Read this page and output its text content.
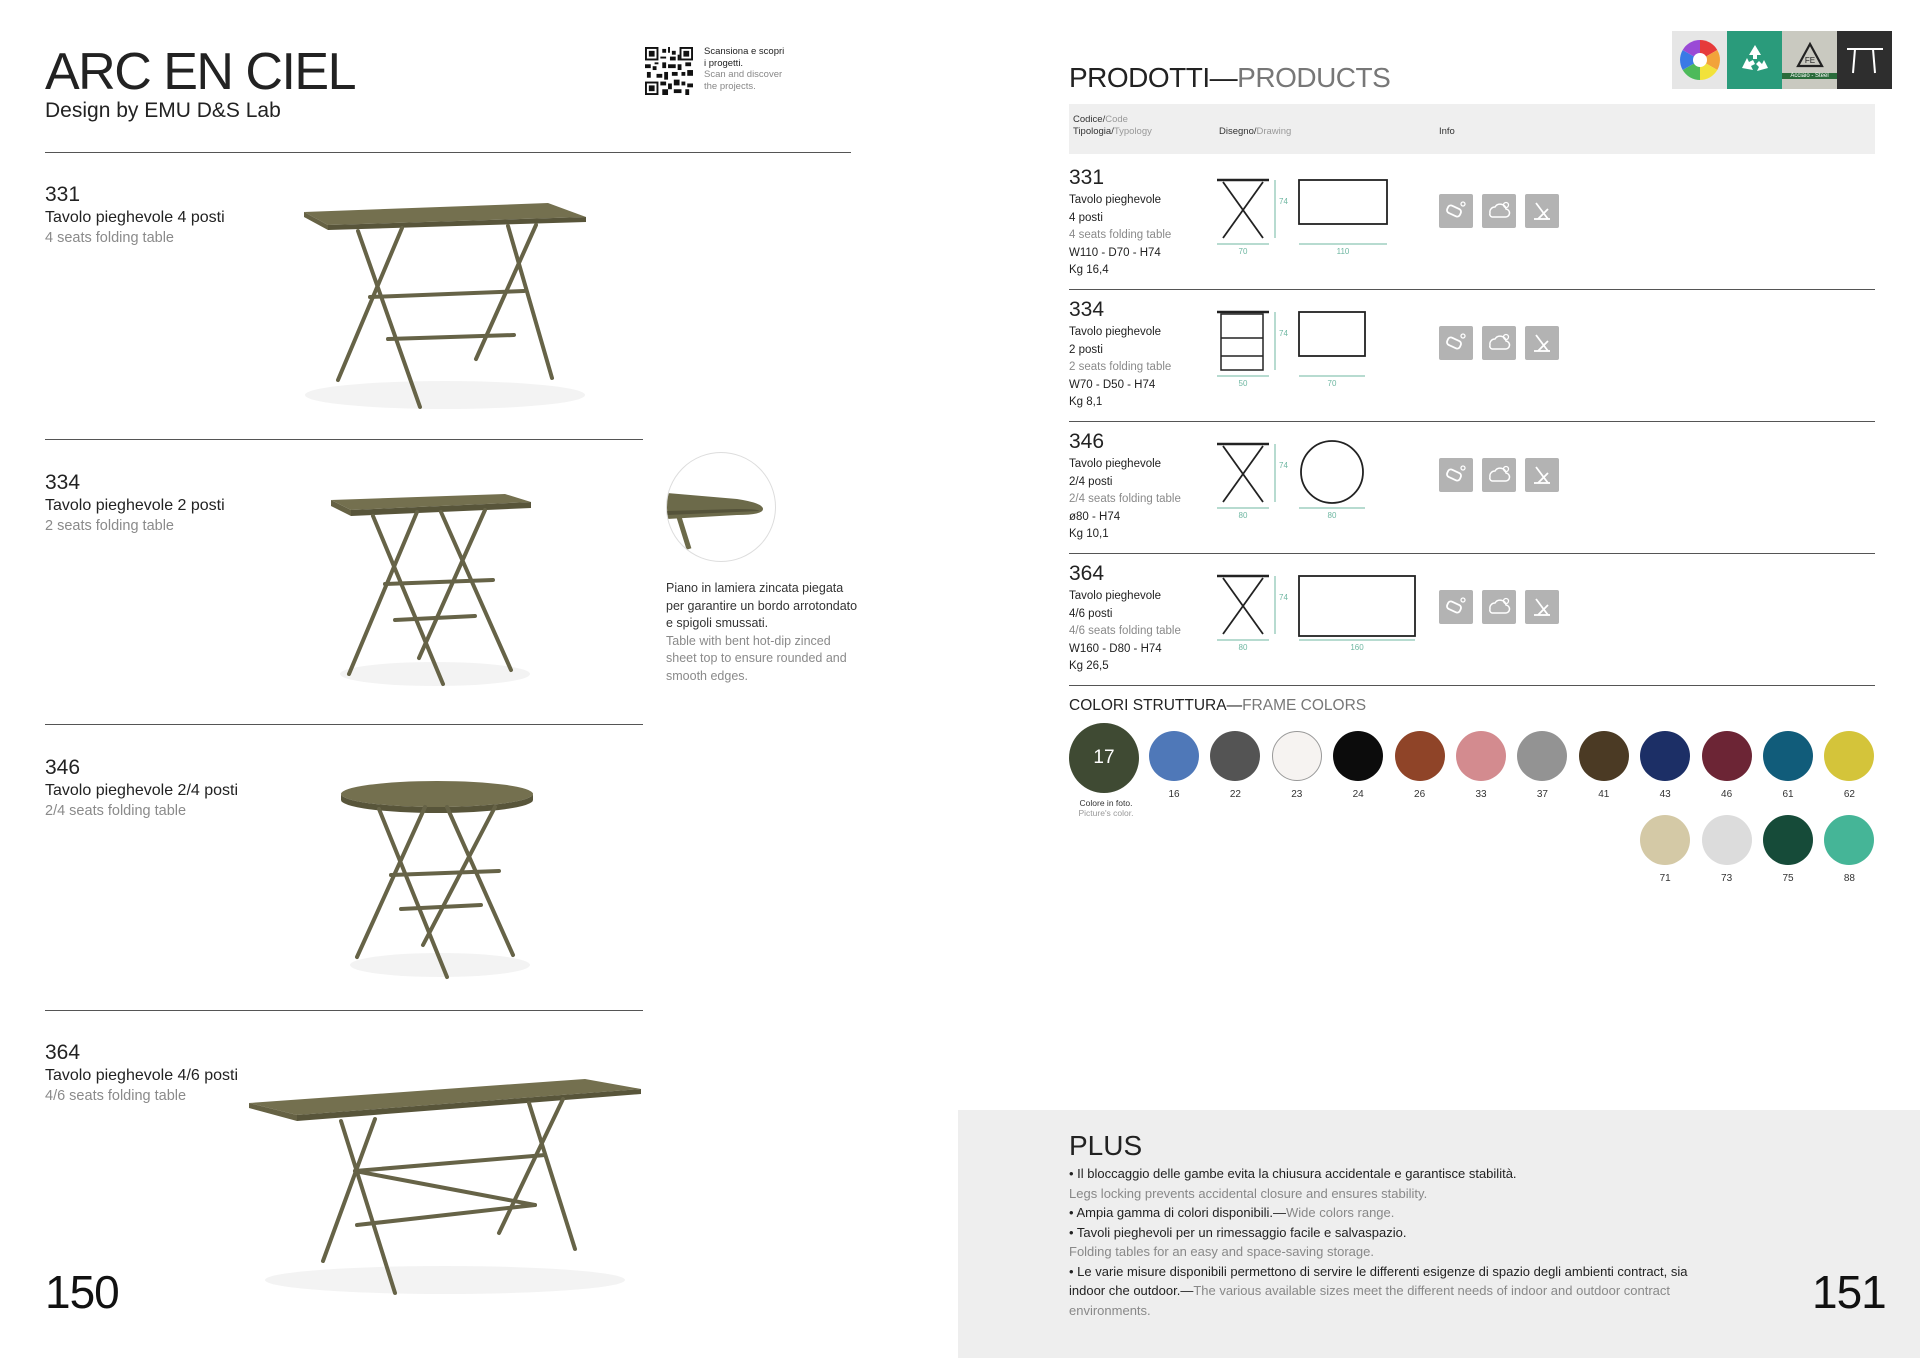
ARC EN CIEL
Design by EMU D&S Lab
Scansiona e scopri
i progetti.
Scan and discover
the projects.
331
Tavolo pieghevole 4 posti
4 seats folding table
334
Tavolo pieghevole 2 posti
2 seats folding table
Piano in lamiera zincata piegata per garantire un bordo arrotondato e spigoli smussati.
Table with bent hot-dip zinced sheet top to ensure rounded and smooth edges.
346
Tavolo pieghevole 2/4 posti
2/4 seats folding table
364
Tavolo pieghevole 4/6 posti
4/6 seats folding table
150
PRODOTTI—PRODUCTS
FE
Acciaio - Steel
Codice/Code
Tipologia/Typology	Disegno/Drawing	Info
331
Tavolo pieghevole
4 posti
4 seats folding table
W110 - D70 - H74
Kg 16,4
74
70	110
334
Tavolo pieghevole
2 posti
2 seats folding table
W70 - D50 - H74
Kg 8,1
74
50	70
346
Tavolo pieghevole
2/4 posti
2/4 seats folding table
ø80 - H74
Kg 10,1
74
80	80
364
Tavolo pieghevole
4/6 posti
4/6 seats folding table
W160 - D80 - H74
Kg 26,5
74
80	160
COLORI STRUTTURA—FRAME COLORS
17
Colore in foto.
Picture's color.
16	22	23	24	26	33	37	41	43	46	61	62
71	73	75	88
PLUS
• Il bloccaggio delle gambe evita la chiusura accidentale e garantisce stabilità.
Legs locking prevents accidental closure and ensures stability.
• Ampia gamma di colori disponibili.—Wide colors range.
• Tavoli pieghevoli per un rimessaggio facile e salvaspazio.
Folding tables for an easy and space-saving storage.
• Le varie misure disponibili permettono di servire le differenti esigenze di spazio degli ambienti contract, sia indoor che outdoor.—The various available sizes meet the different needs of indoor and outdoor contract environments.	151
